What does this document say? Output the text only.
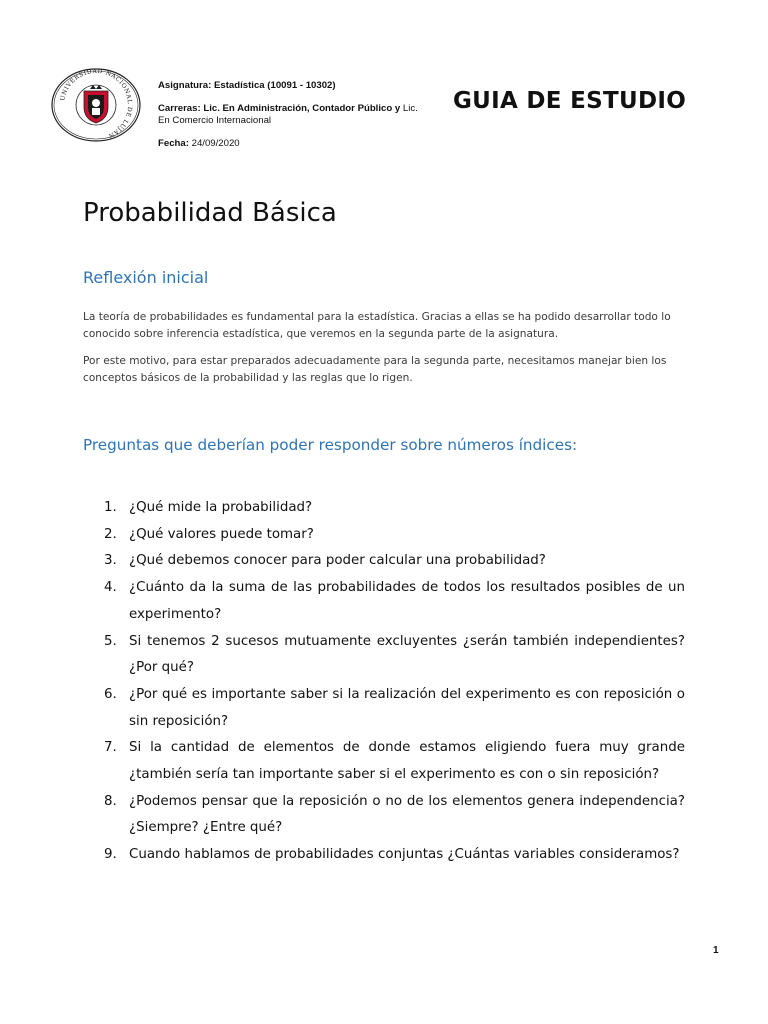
UNIVERSIDAD NACIONAL DE LUJAN

Asignatura: Estadística (10091 - 10302)

Carreras: Lic. En Administración, Contador Público y Lic. En Comercio Internacional

Fecha: 24/09/2020

GUIA DE ESTUDIO
Probabilidad Básica
Reflexión inicial

La teoría de probabilidades es fundamental para la estadística. Gracias a ellas se ha podido desarrollar todo lo conocido sobre inferencia estadística, que veremos en la segunda parte de la asignatura.

Por este motivo, para estar preparados adecuadamente para la segunda parte, necesitamos manejar bien los conceptos básicos de la probabilidad y las reglas que lo rigen.

Preguntas que deberían poder responder sobre números índices:
1. ¿Qué mide la probabilidad?
2. ¿Qué valores puede tomar?
3. ¿Qué debemos conocer para poder calcular una probabilidad?
4. ¿Cuánto da la suma de las probabilidades de todos los resultados posibles de un experimento?
5. Si tenemos 2 sucesos mutuamente excluyentes ¿serán también independientes? ¿Por qué?
6. ¿Por qué es importante saber si la realización del experimento es con reposición o sin reposición?
7. Si la cantidad de elementos de donde estamos eligiendo fuera muy grande ¿también sería tan importante saber si el experimento es con o sin reposición?
8. ¿Podemos pensar que la reposición o no de los elementos genera independencia? ¿Siempre? ¿Entre qué?
9. Cuando hablamos de probabilidades conjuntas ¿Cuántas variables consideramos?
1
